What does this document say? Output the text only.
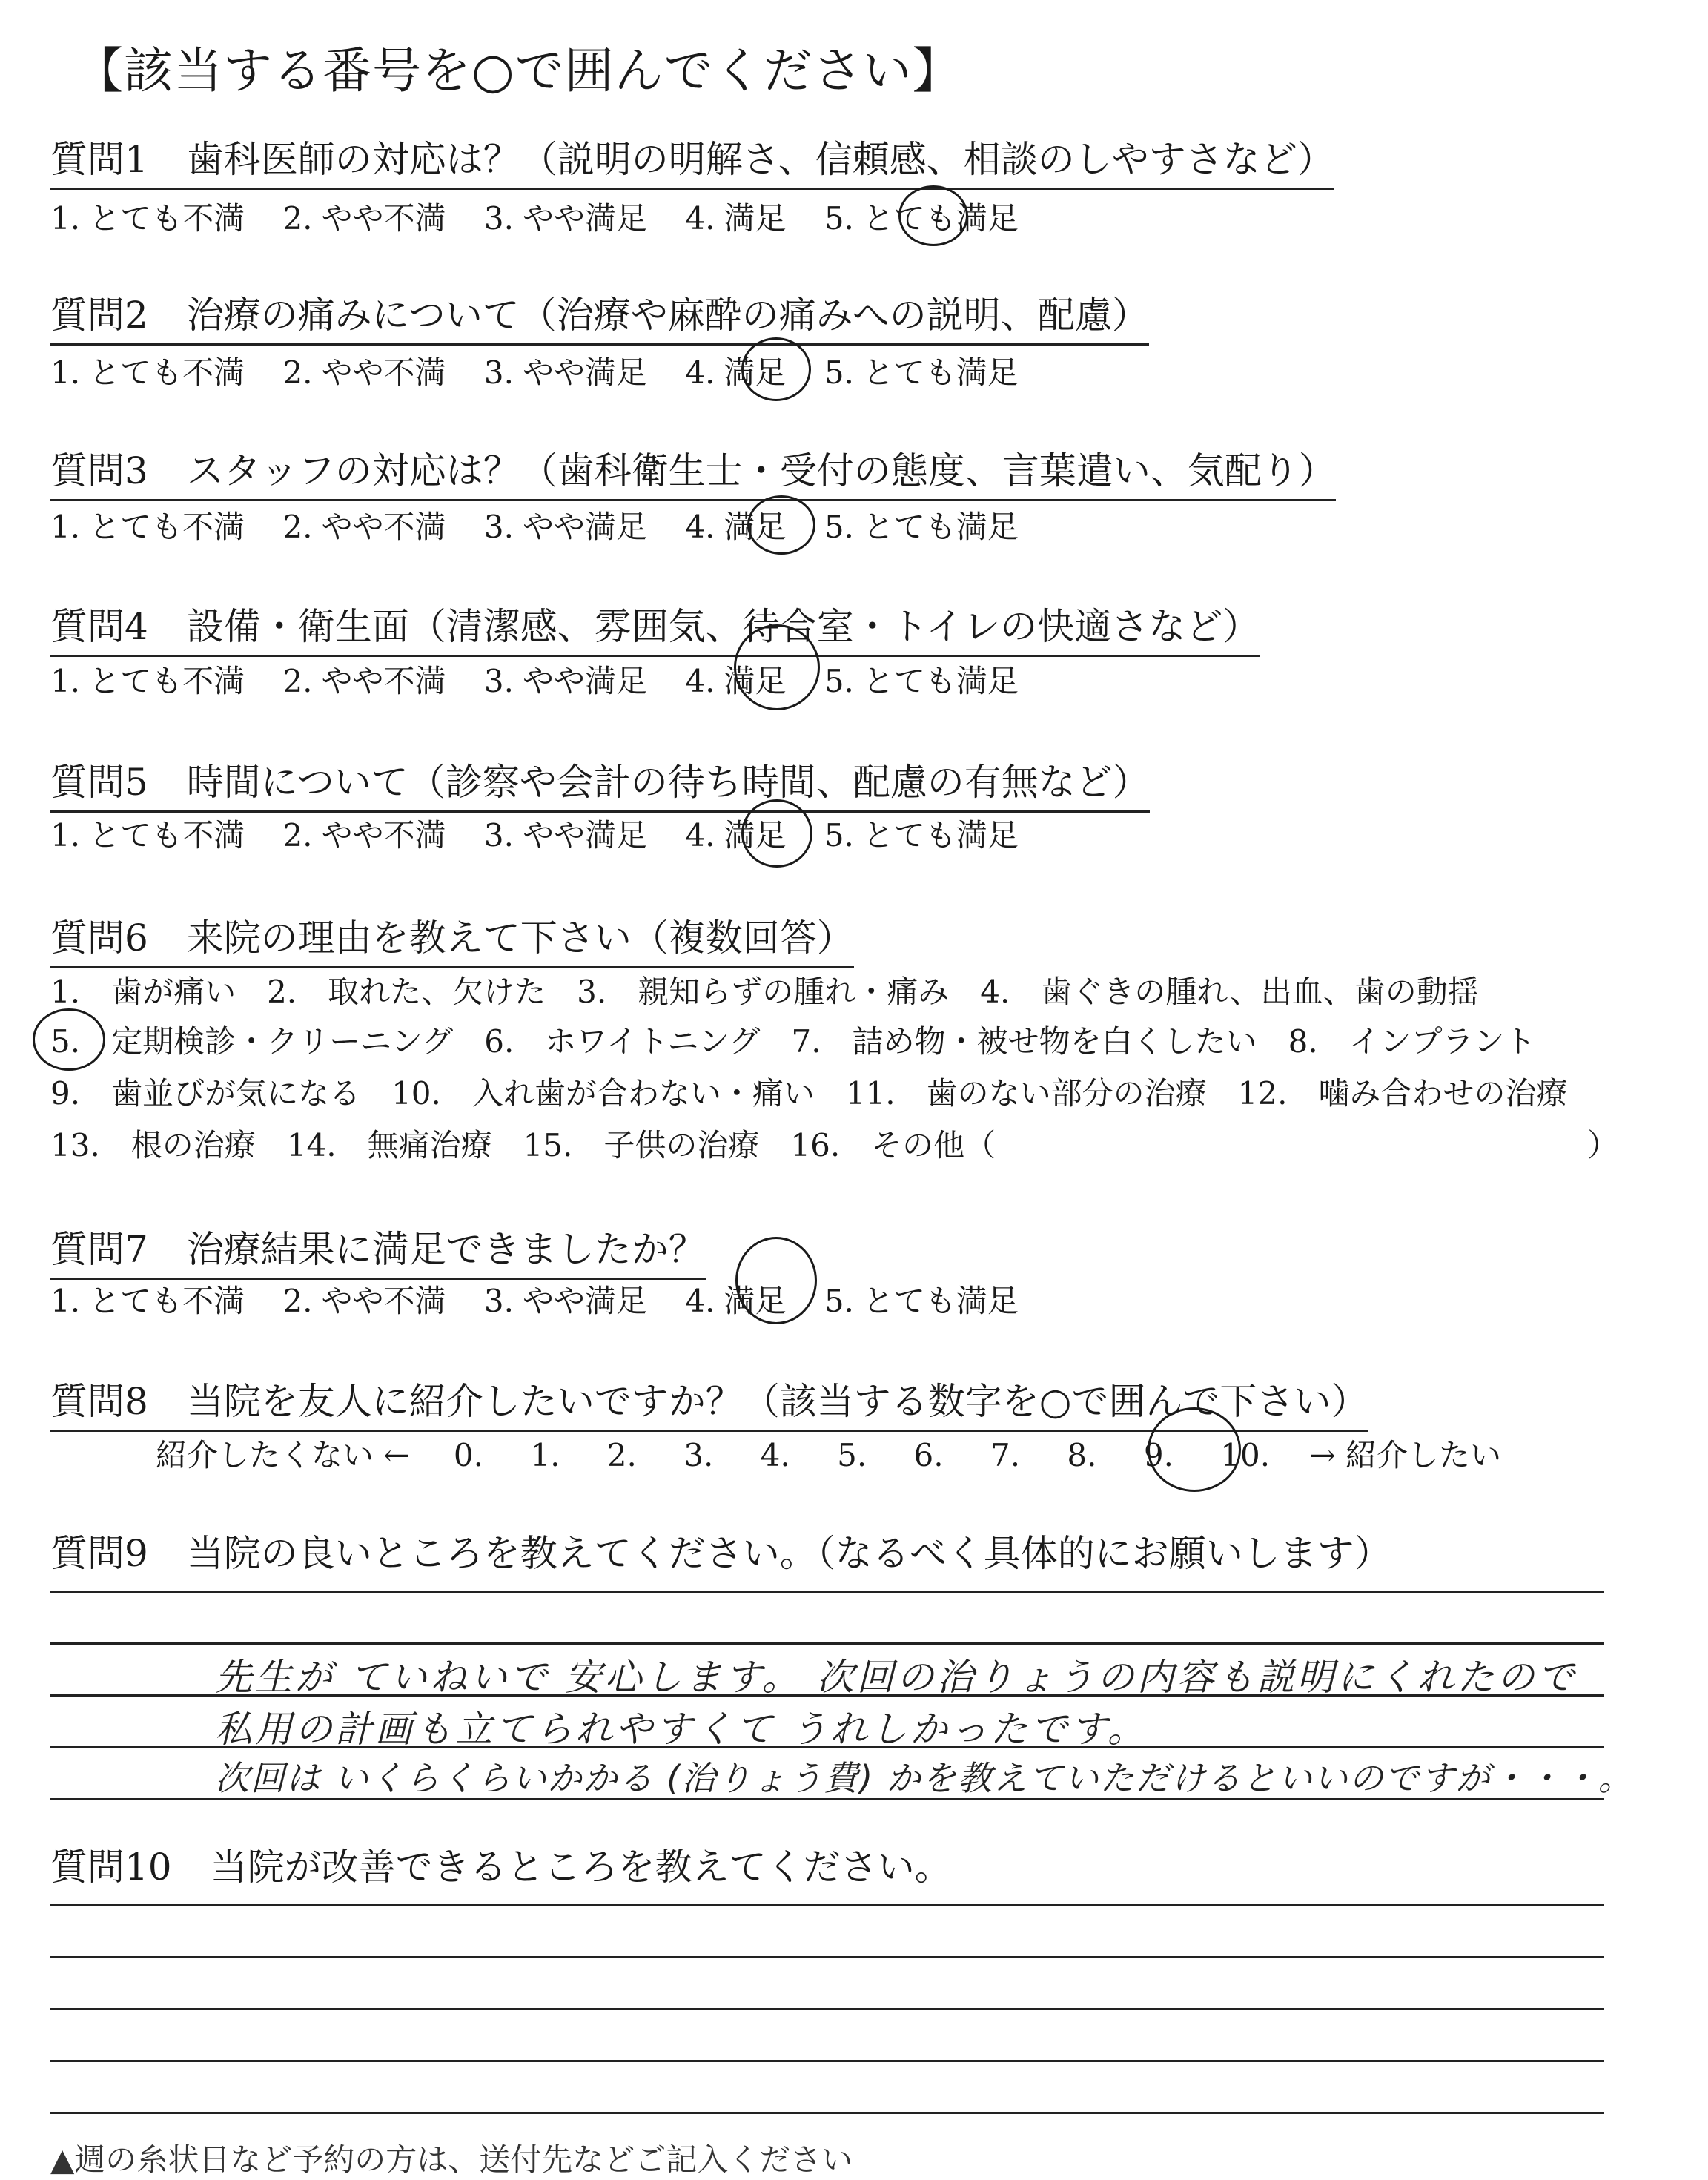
【該当する番号を○で囲んでください】
質問1 歯科医師の対応は？（説明の明解さ、信頼感、相談のしやすさなど）
1. とても不満 2. やや不満 3. やや満足 4. 満足 5. とても満足
質問2 治療の痛みについて（治療や麻酔の痛みへの説明、配慮）
1. とても不満 2. やや不満 3. やや満足 4. 満足 5. とても満足
質問3 スタッフの対応は？（歯科衛生士・受付の態度、言葉遣い、気配り）
1. とても不満 2. やや不満 3. やや満足 4. 満足 5. とても満足
質問4 設備・衛生面（清潔感、雰囲気、待合室・トイレの快適さなど）
1. とても不満 2. やや不満 3. やや満足 4. 満足 5. とても満足
質問5 時間について（診察や会計の待ち時間、配慮の有無など）
1. とても不満 2. やや不満 3. やや満足 4. 満足 5. とても満足
質問6 来院の理由を教えて下さい（複数回答）
1.　歯が痛い　2.　取れた、欠けた　3.　親知らずの腫れ・痛み　4.　歯ぐきの腫れ、出血、歯の動揺
5.　定期検診・クリーニング　6.　ホワイトニング　7.　詰め物・被せ物を白くしたい　8.　インプラント
9.　歯並びが気になる　10.　入れ歯が合わない・痛い　11.　歯のない部分の治療　12.　噛み合わせの治療
13.　根の治療　14.　無痛治療　15.　子供の治療　16.　その他（　　　　　　　　　　　　　　　　　　　）
質問7 治療結果に満足できましたか？
1. とても不満 2. やや不満 3. やや満足 4. 満足 5. とても満足
質問8 当院を友人に紹介したいですか？（該当する数字を○で囲んで下さい）
紹介したくない ← 0. 1. 2. 3. 4. 5. 6. 7. 8. 9. 10. → 紹介したい
質問9 当院の良いところを教えてください。（なるべく具体的にお願いします）
先生が ていねいで 安心します。 次回の治りょうの内容も説明にくれたので
私用の計画も立てられやすくて うれしかったです。
次回は いくらくらいかかる (治りょう費) かを教えていただけるといいのですが・・・。
質問10 当院が改善できるところを教えてください。
▲週の糸状日など予約の方は、送付先などご記入ください
